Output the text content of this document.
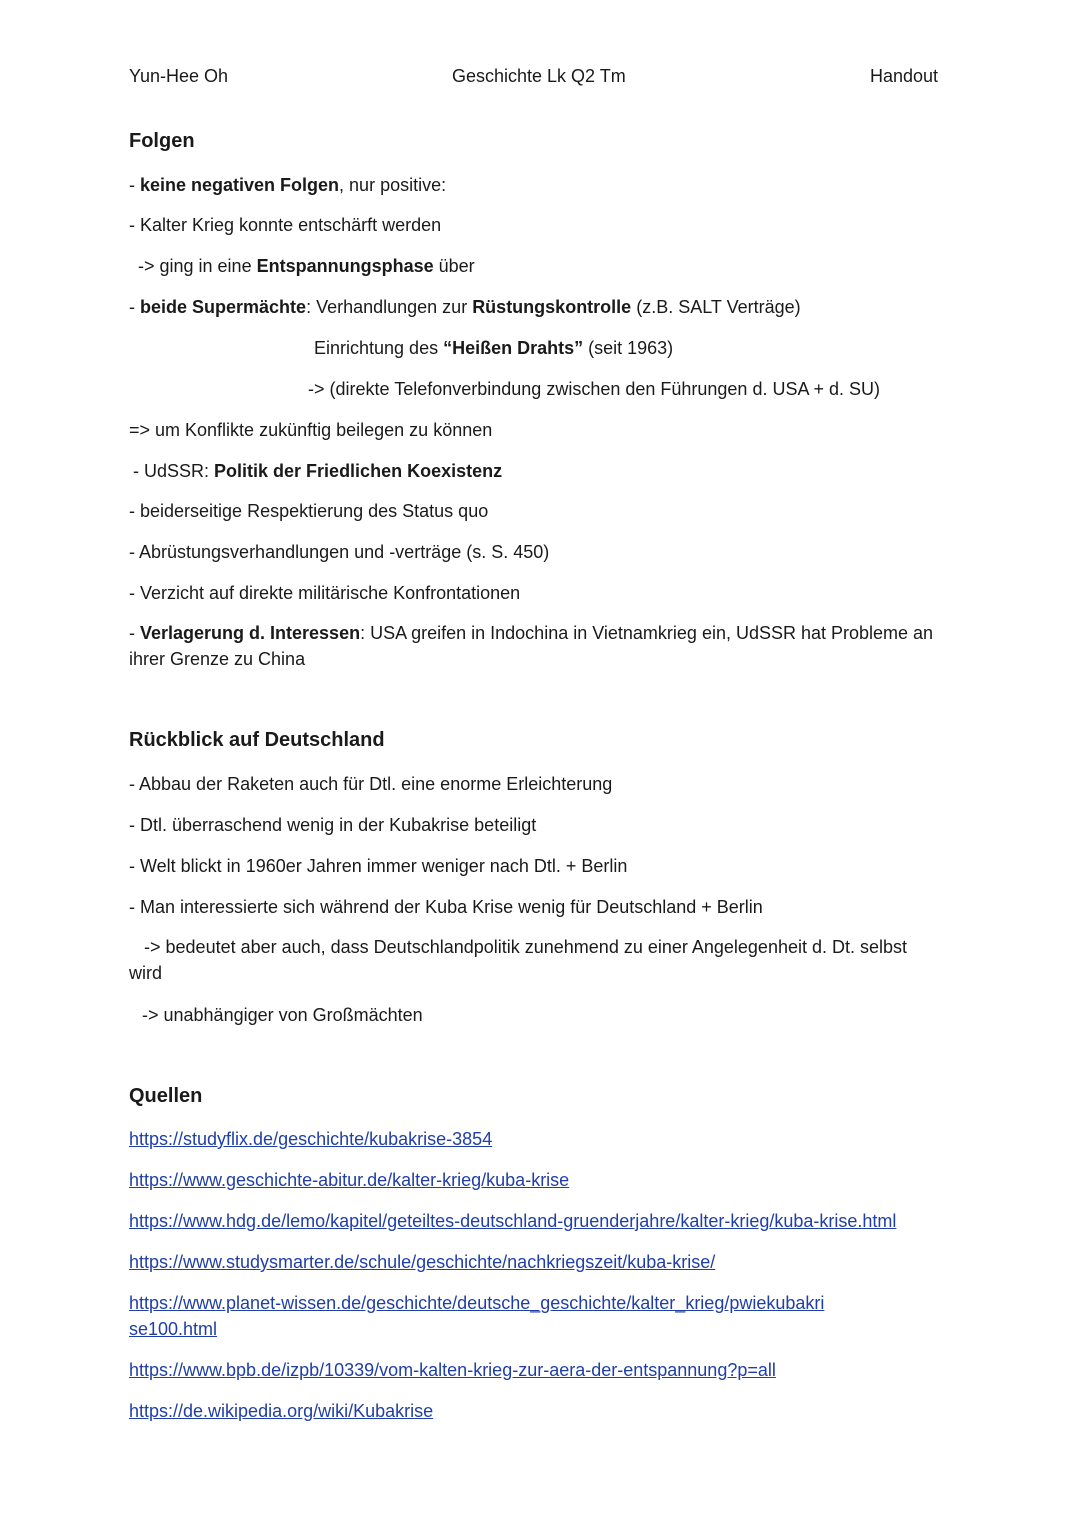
Yun-Hee Oh	Geschichte Lk Q2 Tm	Handout
Folgen
- keine negativen Folgen, nur positive:
- Kalter Krieg konnte entschärft werden
-> ging in eine Entspannungsphase über
- beide Supermächte: Verhandlungen zur Rüstungskontrolle (z.B. SALT Verträge)
Einrichtung des “Heißen Drahts” (seit 1963)
-> (direkte Telefonverbindung zwischen den Führungen d. USA + d. SU)
=> um Konflikte zukünftig beilegen zu können
- UdSSR: Politik der Friedlichen Koexistenz
- beiderseitige Respektierung des Status quo
- Abrüstungsverhandlungen und -verträge (s. S. 450)
- Verzicht auf direkte militärische Konfrontationen
- Verlagerung d. Interessen: USA greifen in Indochina in Vietnamkrieg ein, UdSSR hat Probleme an ihrer Grenze zu China
Rückblick auf Deutschland
- Abbau der Raketen auch für Dtl. eine enorme Erleichterung
- Dtl. überraschend wenig in der Kubakrise beteiligt
- Welt blickt in 1960er Jahren immer weniger nach Dtl. + Berlin
- Man interessierte sich während der Kuba Krise wenig für Deutschland + Berlin
-> bedeutet aber auch, dass Deutschlandpolitik zunehmend zu einer Angelegenheit d. Dt. selbst wird
-> unabhängiger von Großmächten
Quellen
https://studyflix.de/geschichte/kubakrise-3854
https://www.geschichte-abitur.de/kalter-krieg/kuba-krise
https://www.hdg.de/lemo/kapitel/geteiltes-deutschland-gruenderjahre/kalter-krieg/kuba-krise.html
https://www.studysmarter.de/schule/geschichte/nachkriegszeit/kuba-krise/
https://www.planet-wissen.de/geschichte/deutsche_geschichte/kalter_krieg/pwiekubakrise100.html
https://www.bpb.de/izpb/10339/vom-kalten-krieg-zur-aera-der-entspannung?p=all
https://de.wikipedia.org/wiki/Kubakrise
